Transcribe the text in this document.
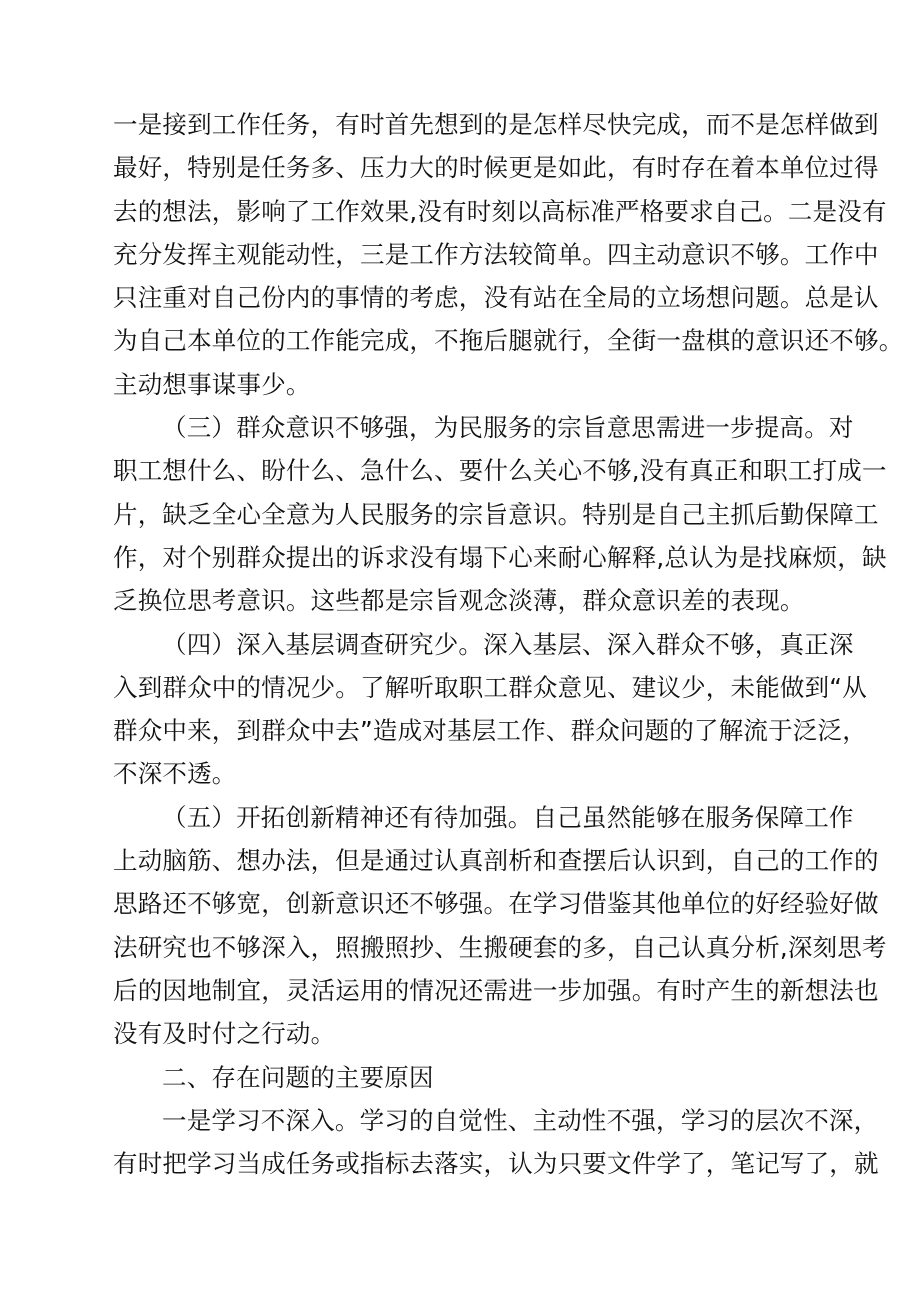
一是接到工作任务，有时首先想到的是怎样尽快完成，而不是怎样做到
最好，特别是任务多、压力大的时候更是如此，有时存在着本单位过得
去的想法，影响了工作效果,没有时刻以高标准严格要求自己。二是没有
充分发挥主观能动性，三是工作方法较简单。四主动意识不够。工作中
只注重对自己份内的事情的考虑，没有站在全局的立场想问题。总是认
为自己本单位的工作能完成，不拖后腿就行，全街一盘棋的意识还不够。
主动想事谋事少。
（三）群众意识不够强，为民服务的宗旨意思需进一步提高。对
职工想什么、盼什么、急什么、要什么关心不够,没有真正和职工打成一
片，缺乏全心全意为人民服务的宗旨意识。特别是自己主抓后勤保障工
作，对个别群众提出的诉求没有塌下心来耐心解释,总认为是找麻烦，缺
乏换位思考意识。这些都是宗旨观念淡薄，群众意识差的表现。
（四）深入基层调查研究少。深入基层、深入群众不够，真正深
入到群众中的情况少。了解听取职工群众意见、建议少，未能做到“从
群众中来，到群众中去”造成对基层工作、群众问题的了解流于泛泛，
不深不透。
（五）开拓创新精神还有待加强。自己虽然能够在服务保障工作
上动脑筋、想办法，但是通过认真剖析和查摆后认识到，自己的工作的
思路还不够宽，创新意识还不够强。在学习借鉴其他单位的好经验好做
法研究也不够深入，照搬照抄、生搬硬套的多，自己认真分析,深刻思考
后的因地制宜，灵活运用的情况还需进一步加强。有时产生的新想法也
没有及时付之行动。
二、存在问题的主要原因
一是学习不深入。学习的自觉性、主动性不强，学习的层次不深，
有时把学习当成任务或指标去落实，认为只要文件学了，笔记写了，就
